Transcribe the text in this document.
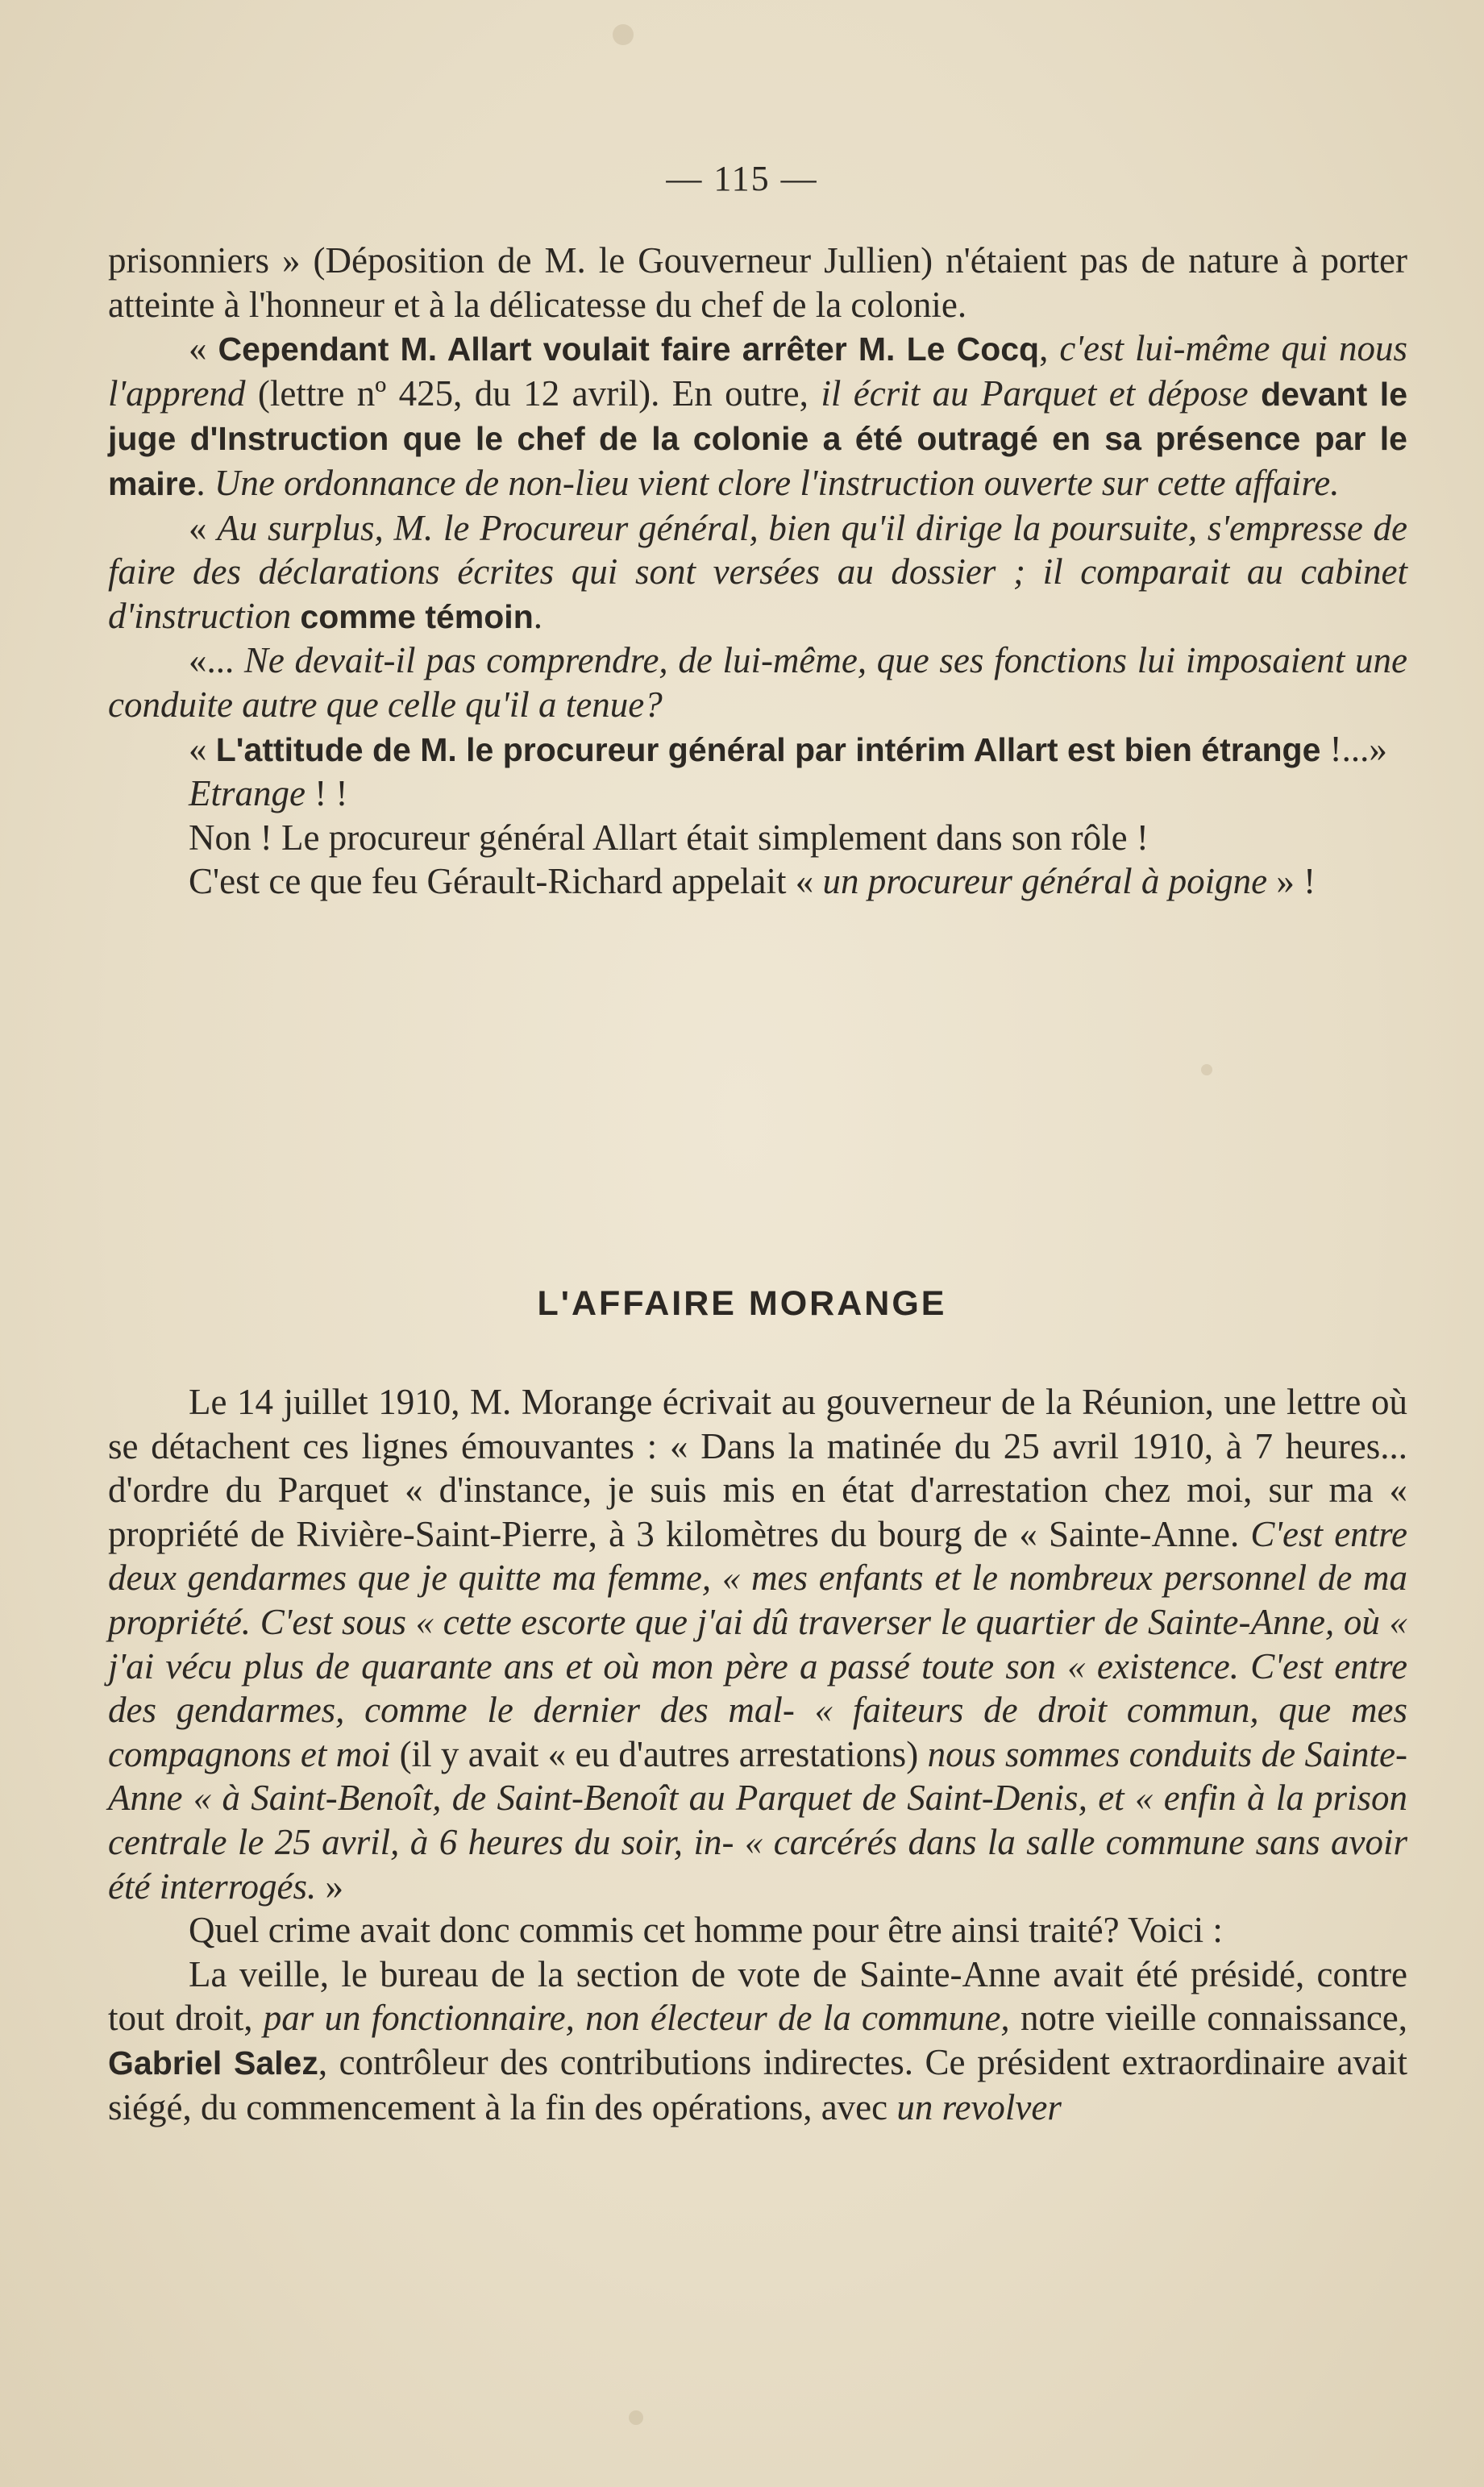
— 115 —

prisonniers » (Déposition de M. le Gouverneur Jullien) n'étaient pas de nature à porter atteinte à l'honneur et à la délicatesse du chef de la colonie.

« Cependant M. Allart voulait faire arrêter M. Le Cocq, c'est lui-même qui nous l'apprend (lettre nº 425, du 12 avril). En outre, il écrit au Parquet et dépose devant le juge d'Instruction que le chef de la colonie a été outragé en sa présence par le maire. Une ordonnance de non-lieu vient clore l'instruction ouverte sur cette affaire.

« Au surplus, M. le Procureur général, bien qu'il dirige la poursuite, s'empresse de faire des déclarations écrites qui sont versées au dossier ; il comparait au cabinet d'instruction comme témoin.

«... Ne devait-il pas comprendre, de lui-même, que ses fonctions lui imposaient une conduite autre que celle qu'il a tenue?

« L'attitude de M. le procureur général par intérim Allart est bien étrange !...»

Etrange ! !

Non ! Le procureur général Allart était simplement dans son rôle !

C'est ce que feu Gérault-Richard appelait « un procureur général à poigne » !

L'AFFAIRE MORANGE

Le 14 juillet 1910, M. Morange écrivait au gouverneur de la Réunion, une lettre où se détachent ces lignes émouvantes : « Dans la matinée du 25 avril 1910, à 7 heures... d'ordre du Parquet « d'instance, je suis mis en état d'arrestation chez moi, sur ma « propriété de Rivière-Saint-Pierre, à 3 kilomètres du bourg de « Sainte-Anne. C'est entre deux gendarmes que je quitte ma femme, « mes enfants et le nombreux personnel de ma propriété. C'est sous « cette escorte que j'ai dû traverser le quartier de Sainte-Anne, où « j'ai vécu plus de quarante ans et où mon père a passé toute son « existence. C'est entre des gendarmes, comme le dernier des mal- « faiteurs de droit commun, que mes compagnons et moi (il y avait « eu d'autres arrestations) nous sommes conduits de Sainte-Anne « à Saint-Benoît, de Saint-Benoît au Parquet de Saint-Denis, et « enfin à la prison centrale le 25 avril, à 6 heures du soir, in- « carcérés dans la salle commune sans avoir été interrogés. »

Quel crime avait donc commis cet homme pour être ainsi traité? Voici :

La veille, le bureau de la section de vote de Sainte-Anne avait été présidé, contre tout droit, par un fonctionnaire, non électeur de la commune, notre vieille connaissance, Gabriel Salez, contrôleur des contributions indirectes. Ce président extraordinaire avait siégé, du commencement à la fin des opérations, avec un revolver
